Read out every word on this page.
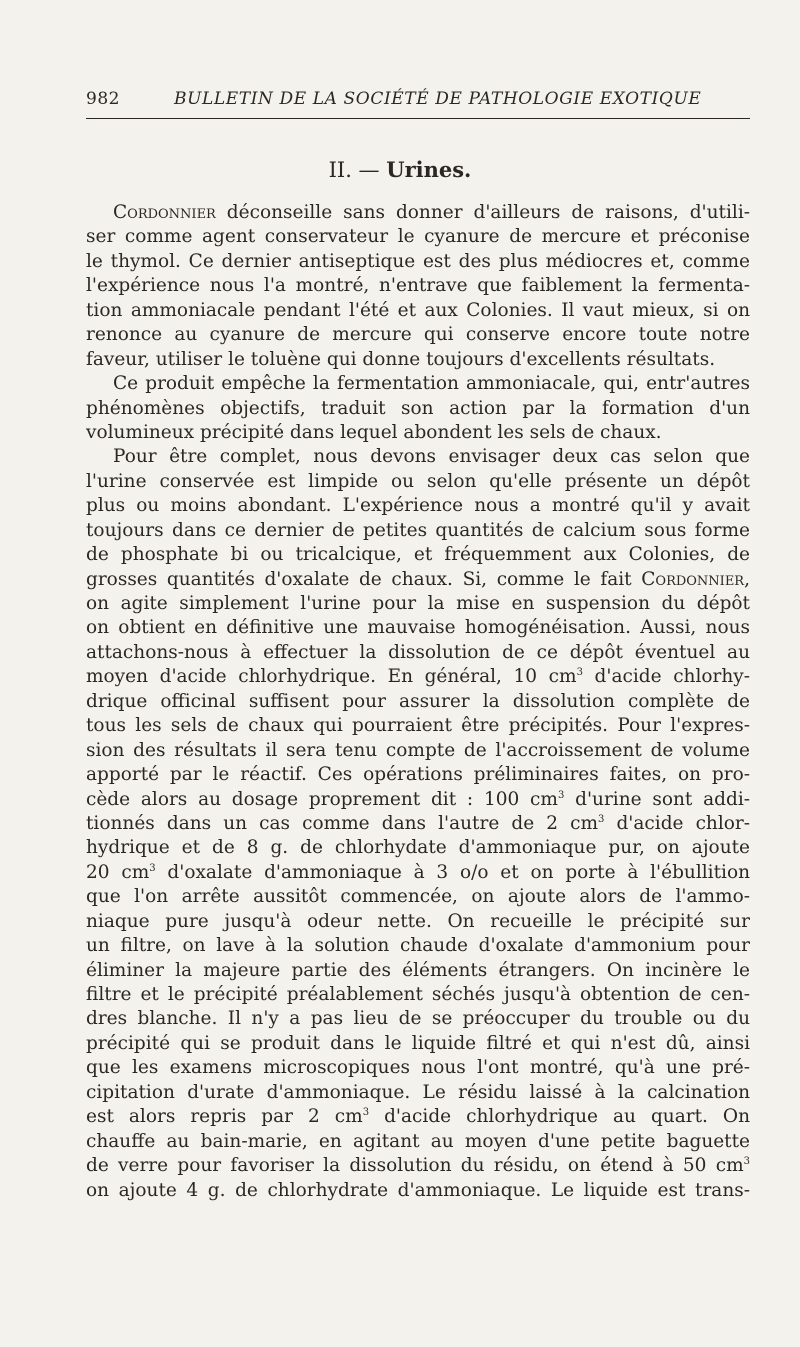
982	BULLETIN DE LA SOCIÉTÉ DE PATHOLOGIE EXOTIQUE
II. — Urines.
Cordonnier déconseille sans donner d'ailleurs de raisons, d'utili-
ser comme agent conservateur le cyanure de mercure et préconise
le thymol. Ce dernier antiseptique est des plus médiocres et, comme
l'expérience nous l'a montré, n'entrave que faiblement la fermenta-
tion ammoniacale pendant l'été et aux Colonies. Il vaut mieux, si on
renonce au cyanure de mercure qui conserve encore toute notre
faveur, utiliser le toluène qui donne toujours d'excellents résultats.
Ce produit empêche la fermentation ammoniacale, qui, entr'autres
phénomènes objectifs, traduit son action par la formation d'un
volumineux précipité dans lequel abondent les sels de chaux.
Pour être complet, nous devons envisager deux cas selon que
l'urine conservée est limpide ou selon qu'elle présente un dépôt
plus ou moins abondant. L'expérience nous a montré qu'il y avait
toujours dans ce dernier de petites quantités de calcium sous forme
de phosphate bi ou tricalcique, et fréquemment aux Colonies, de
grosses quantités d'oxalate de chaux. Si, comme le fait Cordonnier,
on agite simplement l'urine pour la mise en suspension du dépôt
on obtient en définitive une mauvaise homogénéisation. Aussi, nous
attachons-nous à effectuer la dissolution de ce dépôt éventuel au
moyen d'acide chlorhydrique. En général, 10 $cm^3$ d'acide chlorhy-
drique officinal suffisent pour assurer la dissolution complète de
tous les sels de chaux qui pourraient être précipités. Pour l'expres-
sion des résultats il sera tenu compte de l'accroissement de volume
apporté par le réactif. Ces opérations préliminaires faites, on pro-
cède alors au dosage proprement dit : 100 $cm^3$ d'urine sont addi-
tionnés dans un cas comme dans l'autre de 2 $cm^3$ d'acide chlor-
hydrique et de 8 g. de chlorhydate d'ammoniaque pur, on ajoute
20 $cm^3$ d'oxalate d'ammoniaque à 3 o/o et on porte à l'ébullition
que l'on arrête aussitôt commencée, on ajoute alors de l'ammo-
niaque pure jusqu'à odeur nette. On recueille le précipité sur
un filtre, on lave à la solution chaude d'oxalate d'ammonium pour
éliminer la majeure partie des éléments étrangers. On incinère le
filtre et le précipité préalablement séchés jusqu'à obtention de cen-
dres blanche. Il n'y a pas lieu de se préoccuper du trouble ou du
précipité qui se produit dans le liquide filtré et qui n'est dû, ainsi
que les examens microscopiques nous l'ont montré, qu'à une pré-
cipitation d'urate d'ammoniaque. Le résidu laissé à la calcination
est alors repris par 2 $cm^3$ d'acide chlorhydrique au quart. On
chauffe au bain-marie, en agitant au moyen d'une petite baguette
de verre pour favoriser la dissolution du résidu, on étend à 50 $cm^3$
on ajoute 4 g. de chlorhydrate d'ammoniaque. Le liquide est trans-
